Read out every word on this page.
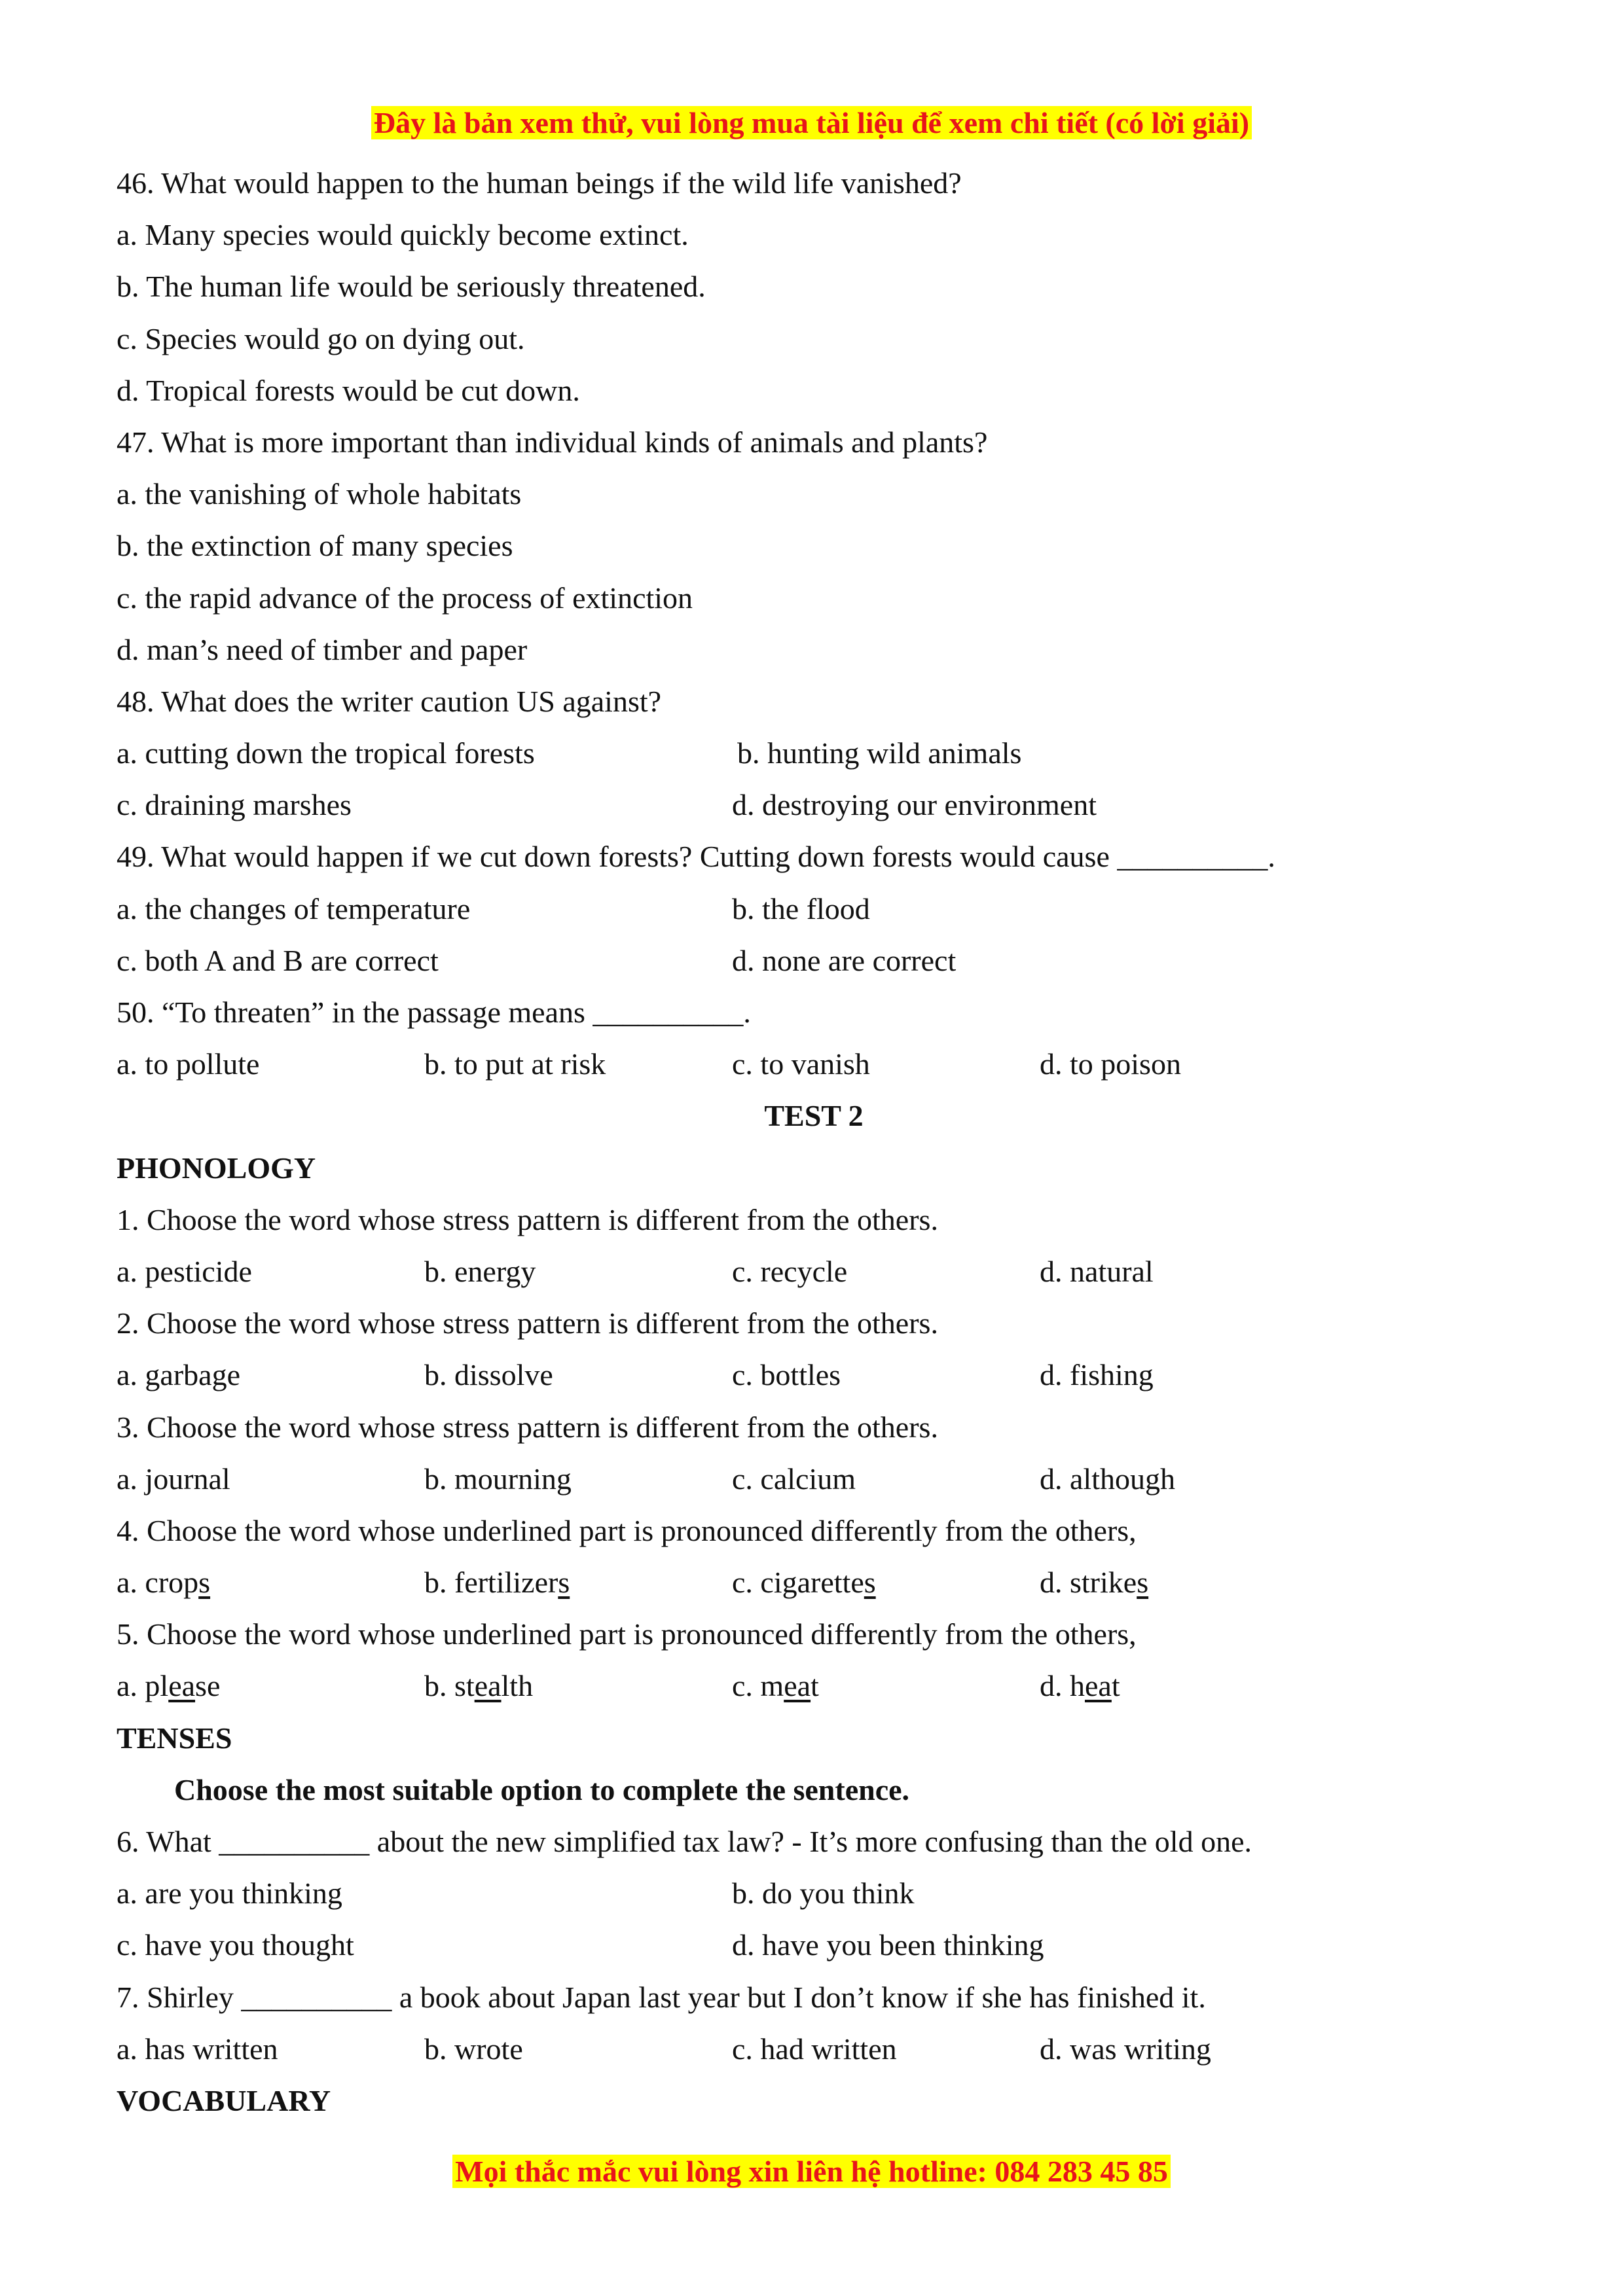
Đây là bản xem thử, vui lòng mua tài liệu để xem chi tiết (có lời giải)
46. What would happen to the human beings if the wild life vanished?
a. Many species would quickly become extinct.
b. The human life would be seriously threatened.
c. Species would go on dying out.
d. Tropical forests would be cut down.
47. What is more important than individual kinds of animals and plants?
a. the vanishing of whole habitats
b. the extinction of many species
c. the rapid advance of the process of extinction
d. man’s need of timber and paper
48. What does the writer caution US against?
a. cutting down the tropical forests	b. hunting wild animals
c. draining marshes	d. destroying our environment
49. What would happen if we cut down forests? Cutting down forests would cause __________.
a. the changes of temperature	b. the flood
c. both A and B are correct	d. none are correct
50. “To threaten” in the passage means __________.
a. to pollute	b. to put at risk	c. to vanish	d. to poison
TEST 2
PHONOLOGY
1. Choose the word whose stress pattern is different from the others.
a. pesticide	b. energy	c. recycle	d. natural
2. Choose the word whose stress pattern is different from the others.
a. garbage	b. dissolve	c. bottles	d. fishing
3. Choose the word whose stress pattern is different from the others.
a. journal	b. mourning	c. calcium	d. although
4. Choose the word whose underlined part is pronounced differently from the others,
a. crops	b. fertilizers	c. cigarettes	d. strikes
5. Choose the word whose underlined part is pronounced differently from the others,
a. please	b. stealth	c. meat	d. heat
TENSES
Choose the most suitable option to complete the sentence.
6. What __________ about the new simplified tax law? - It’s more confusing than the old one.
a. are you thinking	b. do you think
c. have you thought	d. have you been thinking
7. Shirley __________ a book about Japan last year but I don’t know if she has finished it.
a. has written	b. wrote	c. had written	d. was writing
VOCABULARY
Mọi thắc mắc vui lòng xin liên hệ hotline: 084 283 45 85
